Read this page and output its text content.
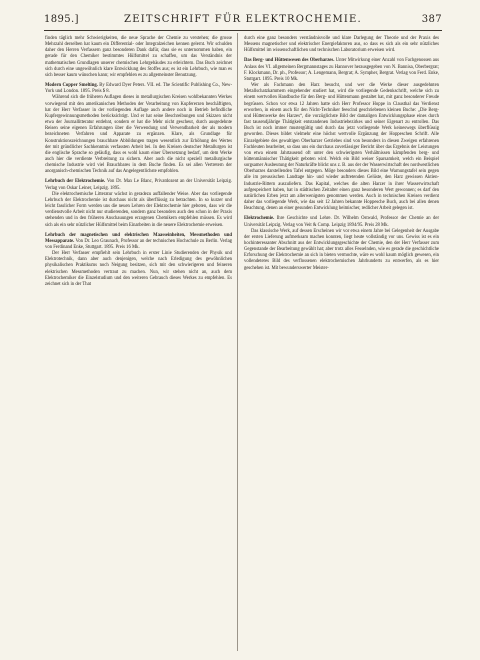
1895.]	ZEITSCHRIFT FÜR ELEKTROCHEMIE.	387

finden täglich mehr Schwierigkeiten, die neue Sprache der Chemie zu verstehen; die grosse Mehrzahl derselben hat kaum ein Differential- oder Integralzeichen kennen gelernt. Wir schulden daher den Herren Verfassern ganz besonderen Dank dafür, dass sie es unternommen haben, ein gerade für den Chemiker bestimmtes Hülfsmittel zu schaffen, um das Verständnis der mathematischen Grundlagen unserer chemischen Lehrgebäudes zu erleichtern. Das Buch zeichnet sich durch eine ungewöhnlich klare Entwicklung des Stoffes aus; es ist ein Lehrbuch, wie man es sich besser kaum wünschen kann; wir empfehlen es zu allgemeinster Benutzung.

Modern Copper Smelting. By Edward Dyer Peters. VII. ed. The Scientific Publishing Co., New-York und London. 1895. Preis $ 8.

Während sich die früheren Auflagen dieses in metallurgischen Kreisen wohlbekannten Werkes vorwiegend mit den amerikanischen Methoden der Verarbeitung von Kupfererzen beschäftigten, hat der Herr Verfasser in der vorliegenden Auflage auch andere noch in Betrieb befindliche Kupfergewinnungsmethoden berücksichtigt. Und er hat seine Beschreibungen und Skizzen nicht etwa der Journallitteratur entlehnt, sondern er hat die Mehr nicht gescheut, durch ausgedehnte Reisen seine eigenen Erfahrungen über die Verwendung und Verwendbarkeit der als modern bezeichneten Verfahren und Apparate zu ergänzen. Klare, als Grundlage für Konstruktionszeichnungen brauchbare Abbildungen tragen wesentlich zur Erhöhung des Wertes der mit gründlicher Sachkenntnis verfassten Arbeit bei. In den Kreisen deutscher Metallurgen ist die englische Sprache so geläufig, dass es wohl kaum einer Übersetzung bedarf, um dem Werke auch hier die verdiente Verbreitung zu sichern. Aber auch die nicht speziell metallurgische chemische Industrie wird viel Brauchbares in dem Buche finden. Es sei allen Vertretern der anorganisch-chemischen Technik auf das Angelegentlichste empfohlen.

Lehrbuch der Elektrochemie. Von Dr. Max Le Blanc, Privatdozent an der Universität Leipzig. Verlag von Oskar Leiner, Leipzig. 1895.

Die elektrochemische Litteratur wächst in geradezu auffallender Weise. Aber das vorliegende Lehrbuch der Elektrochemie ist durchaus nicht als überflüssig zu betrachten. In so kurzer und leicht fasslicher Form werden uns die neuen Lehren der Elektrochemie hier geboten, dass wir die verdienstvolle Arbeit nicht nur studierenden, sondern ganz besonders auch den schon in der Praxis stehenden und in den früheren Anschauungen erzogenen Chemikern empfehlen müssen. Es wird sich als ein sehr nützlicher Hülfsmittel beim Einarbeiten in die neuere Elektrochemie erweisen.

Lehrbuch der magnetischen und elektrischen Maasseinheiten, Messmethoden und Messapparate. Von Dr. Leo Graunach, Professor an der technischen Hochschule zu Berlin. Verlag von Ferdinand Enke, Stuttgart. 1895. Preis 16 Mk.

Der Herr Verfasser empfiehlt sein Lehrbuch in erster Linie Studierenden der Physik und Elektrotechnik, dann aber auch denjenigen, welche nach Erledigung des gewöhnlichen physikalischen Praktikums noch Neigung besitzen, sich mit den schwierigeren und feineren elektrischen Messmethoden vertraut zu machen. Nun, wir stehen nicht an, auch dem Elektrochemiker die Einzelstudium und den weiteren Gebrauch dieses Werkes zu empfehlen. Es zeichnet sich in der That

durch eine ganz besonders verständnisvolle und klare Darlegung der Theorie und der Praxis des Messens magnetischer und elektrischer Energiefaktoren aus, so dass es sich als ein sehr nützliches Hülfsmittel im wissenschaftlichen und technischen Laboratorium erweisen wird.

Das Berg- und Hüttenwesen des Oberharzes. Unter Mitwirkung einer Anzahl von Fachgenossen aus Anlass des VI. allgemeinen Bergmannstages zu Hannover herausgegeben von N. Bannisa, Oberbergrat; F. Klockmann, Dr. ph., Professor; A. Lengemann, Bergrat; A. Sympher, Bergrat. Verlag von Ferd. Enke, Stuttgart. 1895. Preis 10 Mk.

Wer als Fachmann den Harz besucht, und wer die Werke dieser ausgedehnten Metallschatzkammern eingehender studiert hat, wird die vorliegende Gedenkschrift, welche sich zu einem wertvollen Handbuche für den Berg- und Hüttenmann gestaltet hat, mit ganz besonderer Freude begrüssen. Schon vor etwa 12 Jahren hatte sich Herr Professor Hoppe in Clausthal das Verdienst erworben, in einem auch für den Nicht-Techniker feesclnd geschriebenen kleinen Buche: „Die Berg- und Hüttenwerke des Harzes“, die vorzüglichste Bild der damaligen Entwicklungsphase eines durch fast tausendjährige Thätigkeit entstandenen Industriebezirkes und seiner Eigenart zu entrollen. Das Buch ist noch immer mustergültig und durch das jetzt vorliegende Werk keineswegs überflüssig geworden. Dieses bildet vielmehr eine höchst wertvolle Ergänzung der Hoppeschen Schrift. Alle Einzelgebiete des gewaltigen Oberharzer Getriebes sind von besonders in diesen Zweigen erfahrenen Fachleuten bearbeitet, so dass uns ein durchaus zuverlässiger Bericht über das Ergebnis der Leistungen von etwa einem Jahrtausend oft unter den schwierigsten Verhältnissen kämpfenden berg- und hüttenmännischer Thätigkeit geboten wird. Welch ein Bild weiser Sparsamkeit, welch ein Beispiel sorgsamer Ausbeutung der Naturkräfte blickt uns z. B. aus der der Wasserwirtschaft des nordwestlichen Oberharzes darstellenden Tafel entgegen. Möge besonders dieses Bild eine Warnungstafel sein gegen alle im preussischen Landtage hin- und wieder auftretenden Gelüste, den Harz gewissen Aktien-Industrie-Rittern auszuliefern. Das Kapital, welches die alten Harzer in ihrer Wasserwirtschaft aufgespeichert haben, hat in städtischen Zeitalter einen ganz besonderen Wert gewonnen; es darf den natürlichen Erben jetzt am allerwenigsten genommen werden. Auch in technischen Kreisen verdient daher das vorliegende Werk, wie das seit 12 Jahren bekannte Hoppesche Buch, auch bei allen denen Beachtung, denen an einer gesunden Entwicklung heimischer, redlicher Arbeit gelegen ist.

Elektrochemie. Ihre Geschichte und Lehre. Dr. Wilhelm Ostwald, Professor der Chemie an der Universität Leipzig. Verlag von Veit & Comp. Leipzig 1894/95. Preis 28 Mk.

Das klassische Werk, auf dessen Erscheinen wir vor etwa einem Jahre bei Gelegenheit der Ausgabe der ersten Lieferung aufmerksam machen konnten, liegt heute vollständig vor uns. Gewiss ist es ein hochinteressanter Abschnitt aus der Entwicklungsgeschichte der Chemie, den der Herr Verfasser zum Gegenstande der Bearbeitung gewählt hat; aber trotz alles Fesselnden, wie es gerade die geschichtliche Erforschung der Elektrochemie an sich in bieten vermochte, wäre es wohl kaum möglich gewesen, ein vollendeteres Bild des verflossenen elektrochemischen Jahrhunderts zu entwerfen, als es hier geschehen ist. Mit bewunderswerter Meister-
